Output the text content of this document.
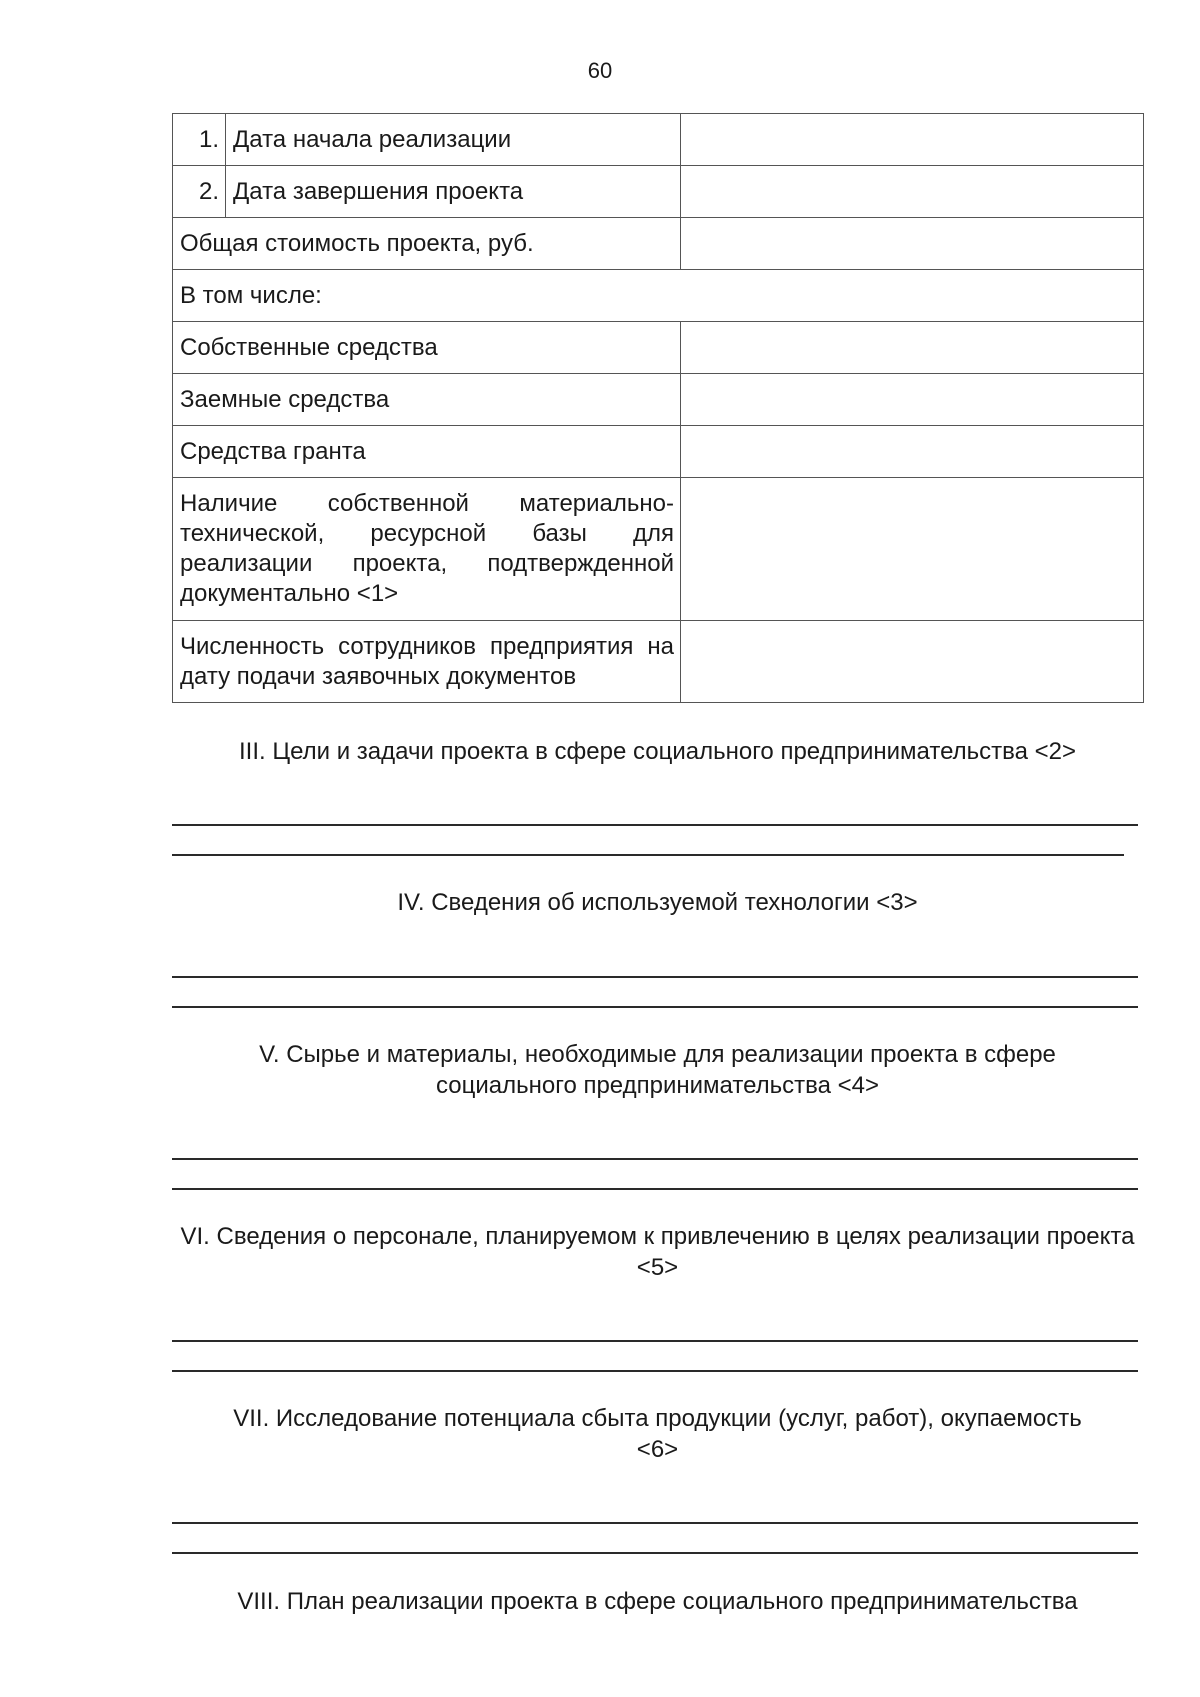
60
1.	Дата начала реализации	
2.	Дата завершения проекта	
Общая стоимость проекта, руб.		
В том числе:		
Собственные средства		
Заемные средства		
Средства гранта		
Наличие собственной материально-технической, ресурсной базы для реализации проекта, подтвержденной документально <1>		
Численность сотрудников предприятия на дату подачи заявочных документов		
III. Цели и задачи проекта в сфере социального предпринимательства <2>
IV. Сведения об используемой технологии <3>
V. Сырье и материалы, необходимые для реализации проекта в сфере социального предпринимательства <4>
VI. Сведения о персонале, планируемом к привлечению в целях реализации проекта <5>
VII. Исследование потенциала сбыта продукции (услуг, работ), окупаемость <6>
VIII. План реализации проекта в сфере социального предпринимательства
